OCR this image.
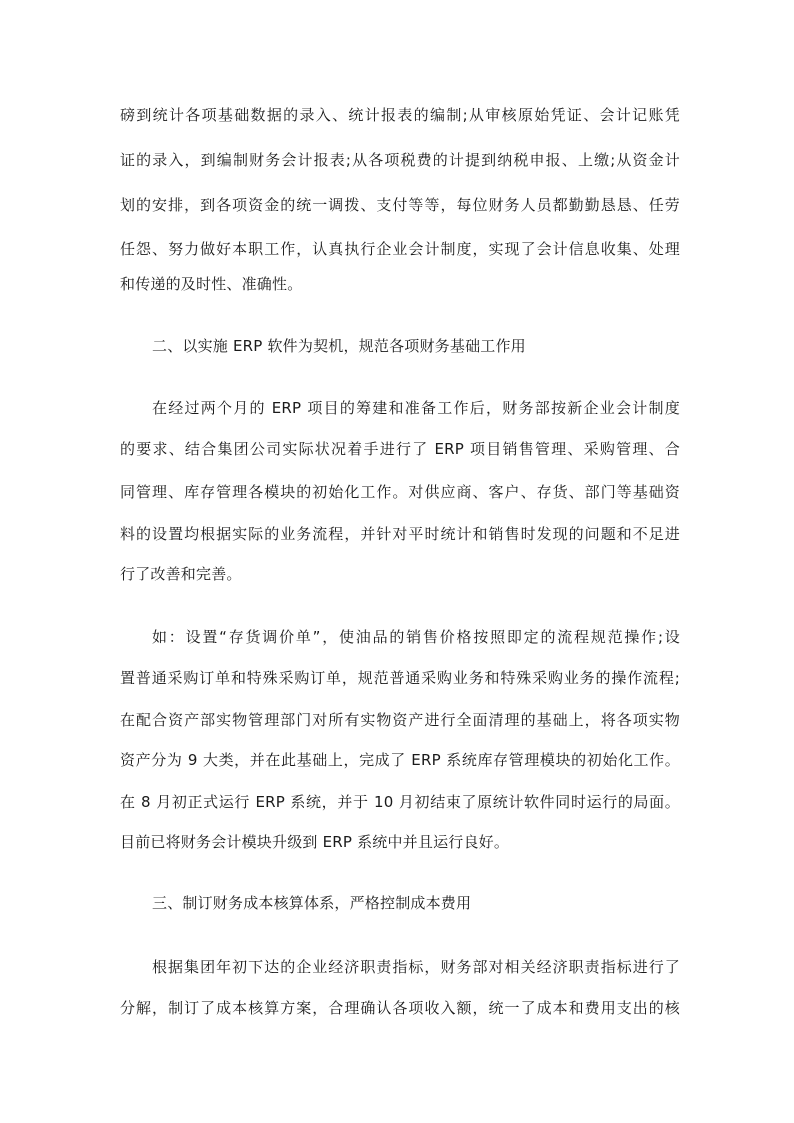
磅到统计各项基础数据的录入、统计报表的编制;从审核原始凭证、会计记账凭
证的录入，到编制财务会计报表;从各项税费的计提到纳税申报、上缴;从资金计
划的安排，到各项资金的统一调拨、支付等等，每位财务人员都勤勤恳恳、任劳
任怨、努力做好本职工作，认真执行企业会计制度，实现了会计信息收集、处理
和传递的及时性、准确性。
二、以实施 ERP 软件为契机，规范各项财务基础工作用
在经过两个月的 ERP 项目的筹建和准备工作后，财务部按新企业会计制度
的要求、结合集团公司实际状况着手进行了 ERP 项目销售管理、采购管理、合
同管理、库存管理各模块的初始化工作。对供应商、客户、存货、部门等基础资
料的设置均根据实际的业务流程，并针对平时统计和销售时发现的问题和不足进
行了改善和完善。
如：设置“存货调价单”，使油品的销售价格按照即定的流程规范操作;设
置普通采购订单和特殊采购订单，规范普通采购业务和特殊采购业务的操作流程;
在配合资产部实物管理部门对所有实物资产进行全面清理的基础上，将各项实物
资产分为 9 大类，并在此基础上，完成了 ERP 系统库存管理模块的初始化工作。
在 8 月初正式运行 ERP 系统，并于 10 月初结束了原统计软件同时运行的局面。
目前已将财务会计模块升级到 ERP 系统中并且运行良好。
三、制订财务成本核算体系，严格控制成本费用
根据集团年初下达的企业经济职责指标，财务部对相关经济职责指标进行了
分解，制订了成本核算方案，合理确认各项收入额，统一了成本和费用支出的核
